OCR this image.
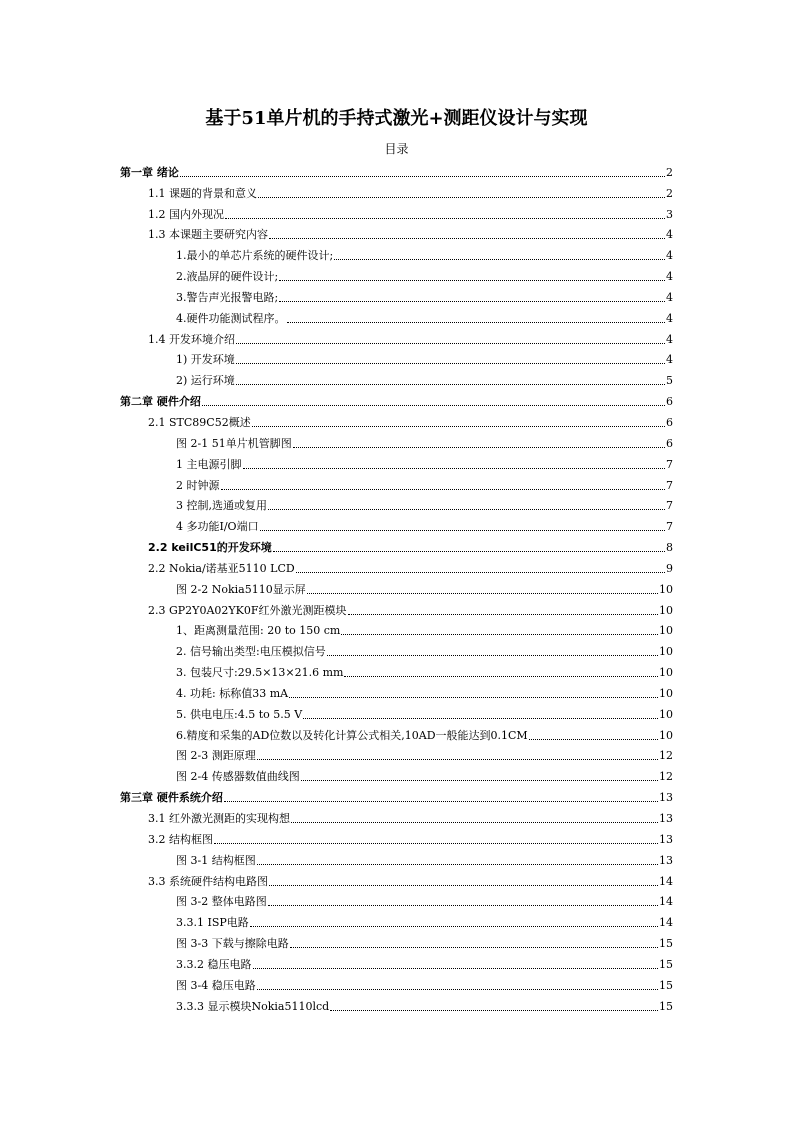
基于51单片机的手持式激光+测距仪设计与实现

目录

第一章 绪论	2
1.1 课题的背景和意义	2
1.2 国内外现况	3
1.3 本课题主要研究内容	4
1.最小的单芯片系统的硬件设计;	4
2.液晶屏的硬件设计;	4
3.警告声光报警电路;	4
4.硬件功能测试程序。	4
1.4 开发环境介绍	4
1) 开发环境	4
2) 运行环境	5
第二章 硬件介绍	6
2.1 STC89C52概述	6
图 2-1 51单片机管脚图	6
1 主电源引脚	7
2 时钟源	7
3 控制,选通或复用	7
4 多功能I/O端口	7
2.2 keilC51的开发环境	8
2.2 Nokia/诺基亚5110 LCD	9
图 2-2 Nokia5110显示屏	10
2.3 GP2Y0A02YK0F红外激光测距模块	10
1、距离测量范围: 20 to 150 cm	10
2. 信号输出类型:电压模拟信号	10
3. 包装尺寸:29.5×13×21.6 mm	10
4. 功耗: 标称值33 mA	10
5. 供电电压:4.5 to 5.5 V	10
6.精度和采集的AD位数以及转化计算公式相关,10AD一般能达到0.1CM	10
图 2-3 测距原理	12
图 2-4 传感器数值曲线图	12
第三章 硬件系统介绍	13
3.1 红外激光测距的实现构想	13
3.2 结构框图	13
图 3-1 结构框图	13
3.3 系统硬件结构电路图	14
图 3-2 整体电路图	14
3.3.1 ISP电路	14
图 3-3 下载与擦除电路	15
3.3.2 稳压电路	15
图 3-4 稳压电路	15
3.3.3 显示模块Nokia5110lcd	15
